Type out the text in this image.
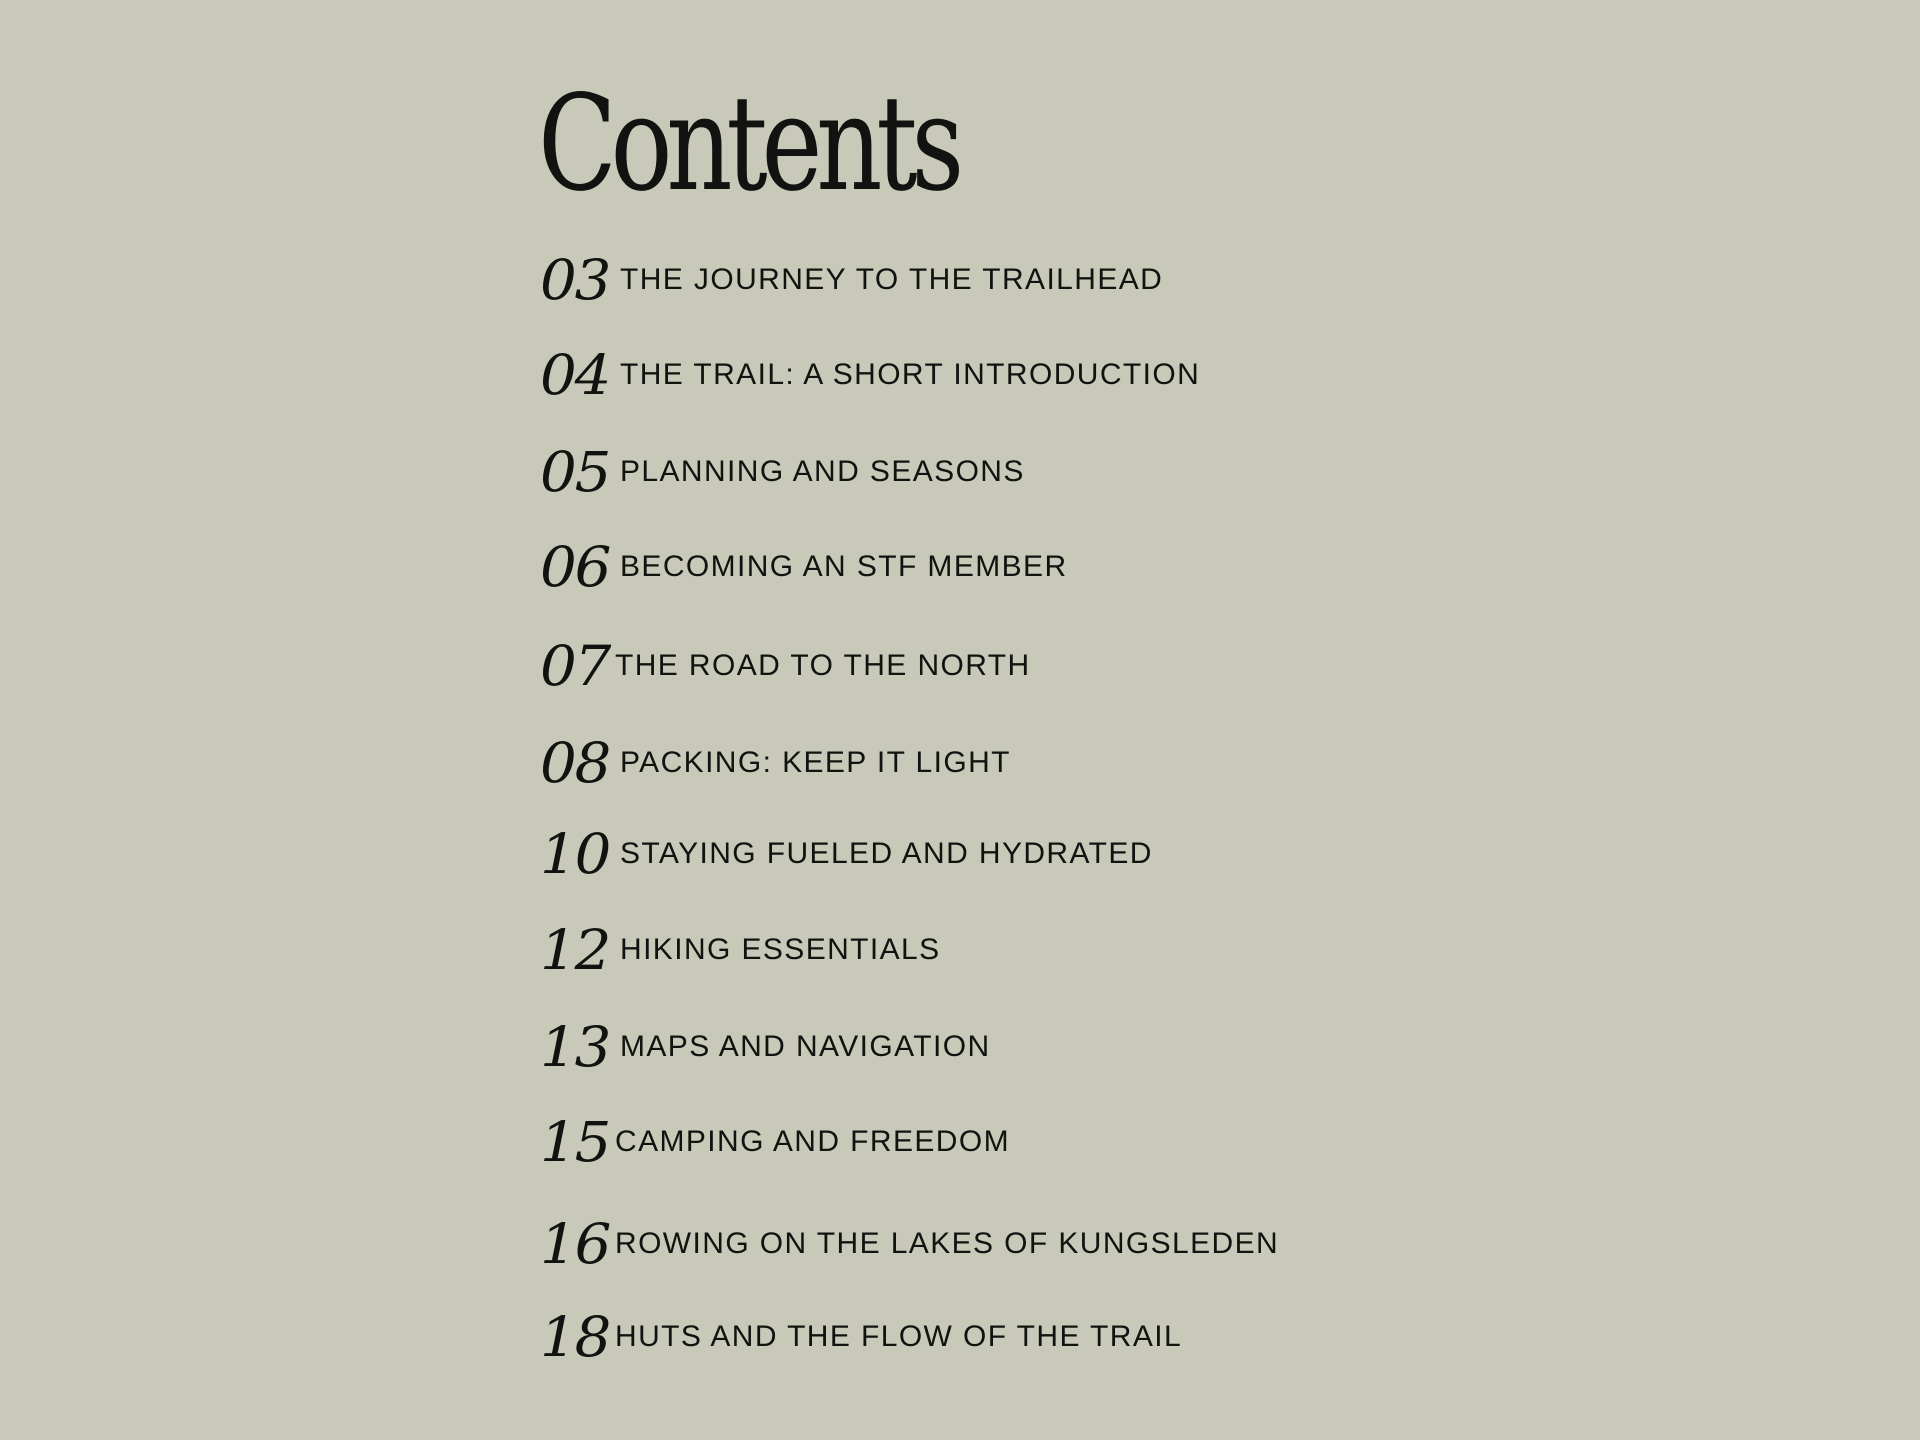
Contents
03 THE JOURNEY TO THE TRAILHEAD
04 THE TRAIL: A SHORT INTRODUCTION
05 PLANNING AND SEASONS
06 BECOMING AN STF MEMBER
07 THE ROAD TO THE NORTH
08 PACKING: KEEP IT LIGHT
10 STAYING FUELED AND HYDRATED
12 HIKING ESSENTIALS
13 MAPS AND NAVIGATION
15 CAMPING AND FREEDOM
16 ROWING ON THE LAKES OF KUNGSLEDEN
18 HUTS AND THE FLOW OF THE TRAIL
